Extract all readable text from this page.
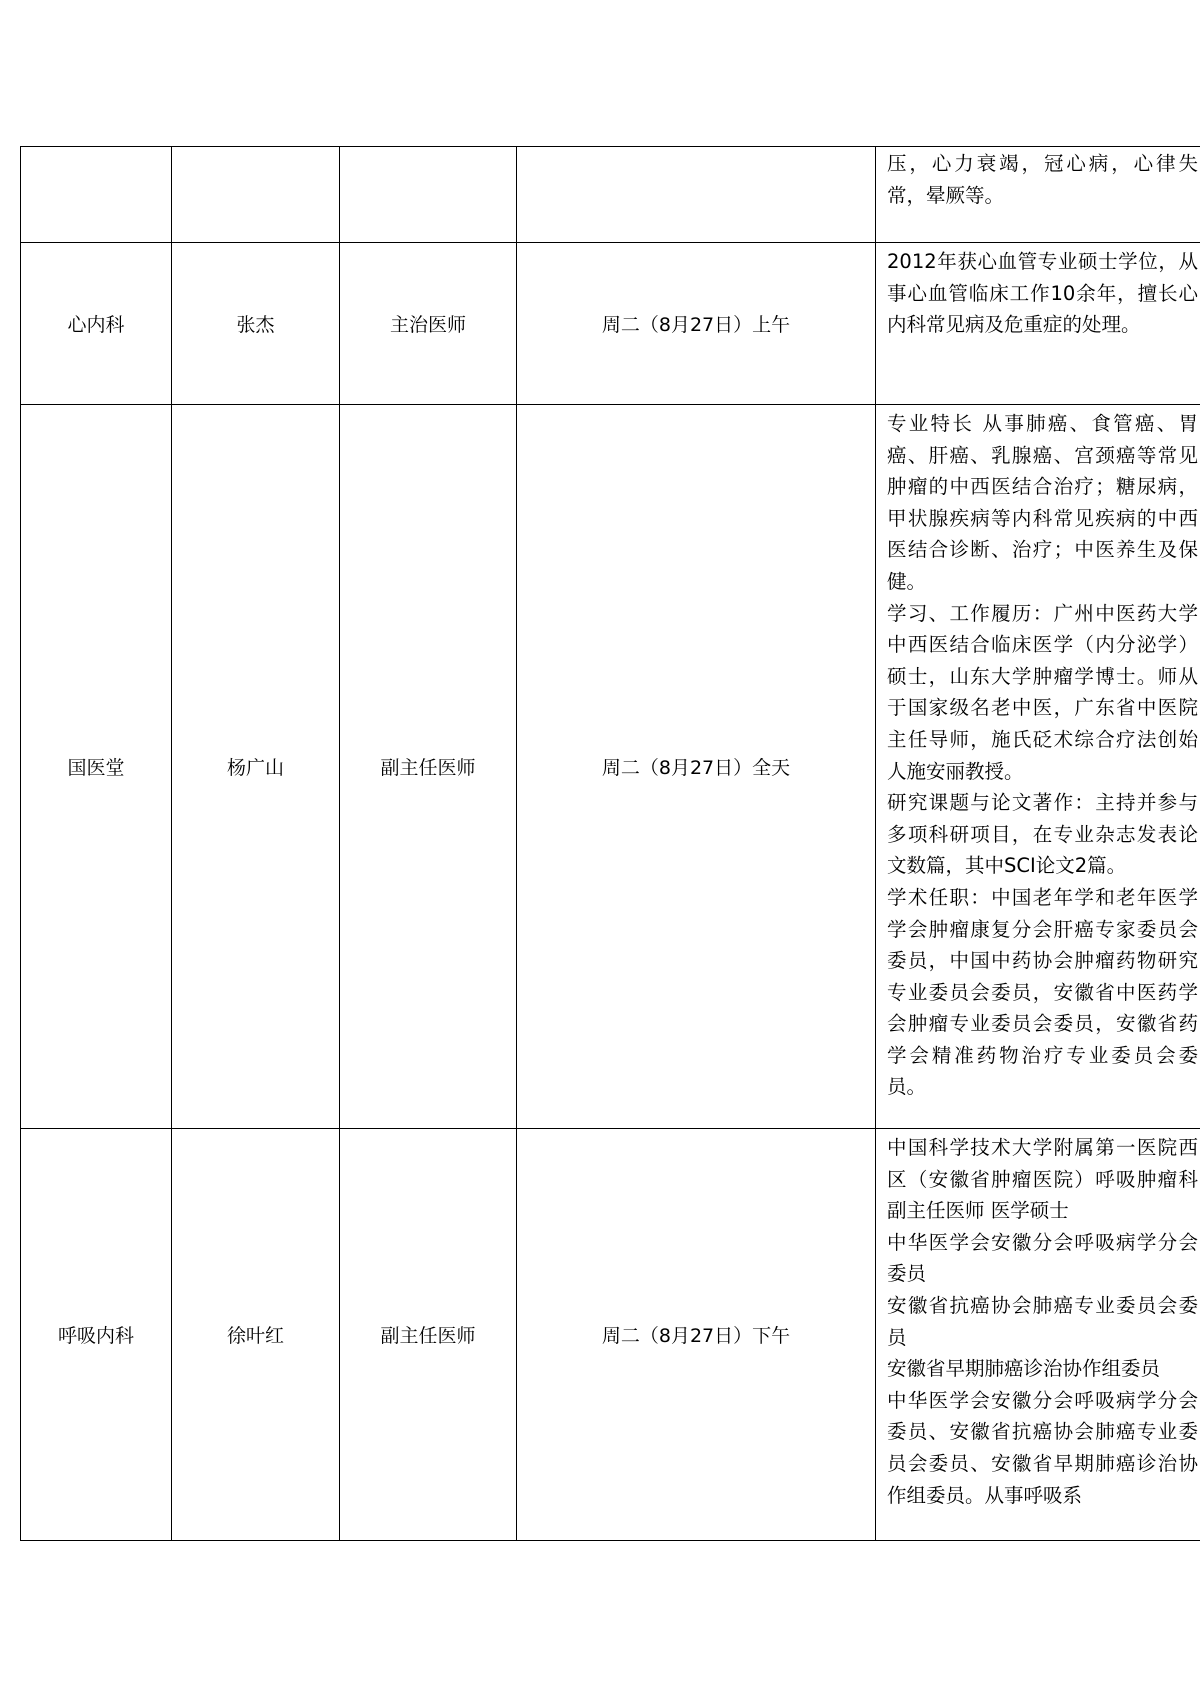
				压，心力衰竭，冠心病，心律失常，晕厥等。

心内科	张杰	主治医师	周二（8月27日）上午	2012年获心血管专业硕士学位，从事心血管临床工作10余年，擅长心内科常见病及危重症的处理。

国医堂	杨广山	副主任医师	周二（8月27日）全天	专业特长 从事肺癌、食管癌、胃癌、肝癌、乳腺癌、宫颈癌等常见肿瘤的中西医结合治疗；糖尿病，甲状腺疾病等内科常见疾病的中西医结合诊断、治疗；中医养生及保健。
学习、工作履历：广州中医药大学中西医结合临床医学（内分泌学）硕士，山东大学肿瘤学博士。师从于国家级名老中医，广东省中医院主任导师，施氏砭术综合疗法创始人施安丽教授。
研究课题与论文著作：主持并参与多项科研项目，在专业杂志发表论文数篇，其中SCI论文2篇。
学术任职：中国老年学和老年医学学会肿瘤康复分会肝癌专家委员会委员，中国中药协会肿瘤药物研究专业委员会委员，安徽省中医药学会肿瘤专业委员会委员，安徽省药学会精准药物治疗专业委员会委员。

呼吸内科	徐叶红	副主任医师	周二（8月27日）下午	中国科学技术大学附属第一医院西区（安徽省肿瘤医院）呼吸肿瘤科 副主任医师 医学硕士
中华医学会安徽分会呼吸病学分会委员
安徽省抗癌协会肺癌专业委员会委员
安徽省早期肺癌诊治协作组委员
中华医学会安徽分会呼吸病学分会委员、安徽省抗癌协会肺癌专业委员会委员、安徽省早期肺癌诊治协作组委员。从事呼吸系
